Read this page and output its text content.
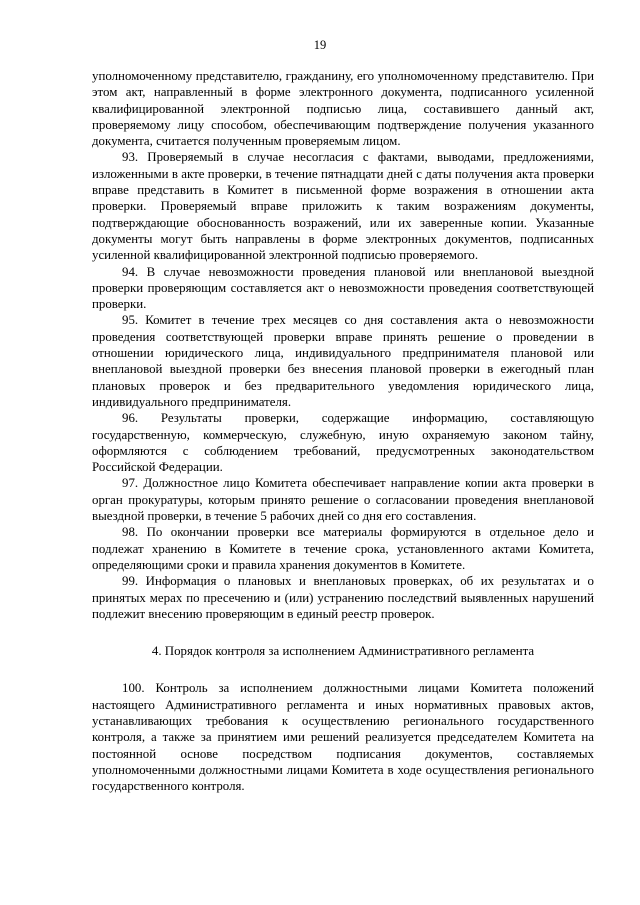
19

уполномоченному представителю, гражданину, его уполномоченному представителю. При этом акт, направленный в форме электронного документа, подписанного усиленной квалифицированной электронной подписью лица, составившего данный акт, проверяемому лицу способом, обеспечивающим подтверждение получения указанного документа, считается полученным проверяемым лицом.

93. Проверяемый в случае несогласия с фактами, выводами, предложениями, изложенными в акте проверки, в течение пятнадцати дней с даты получения акта проверки вправе представить в Комитет в письменной форме возражения в отношении акта проверки. Проверяемый вправе приложить к таким возражениям документы, подтверждающие обоснованность возражений, или их заверенные копии. Указанные документы могут быть направлены в форме электронных документов, подписанных усиленной квалифицированной электронной подписью проверяемого.

94. В случае невозможности проведения плановой или внеплановой выездной проверки проверяющим составляется акт о невозможности проведения соответствующей проверки.

95. Комитет в течение трех месяцев со дня составления акта о невозможности проведения соответствующей проверки вправе принять решение о проведении в отношении юридического лица, индивидуального предпринимателя плановой или внеплановой выездной проверки без внесения плановой проверки в ежегодный план плановых проверок и без предварительного уведомления юридического лица, индивидуального предпринимателя.

96. Результаты проверки, содержащие информацию, составляющую государственную, коммерческую, служебную, иную охраняемую законом тайну, оформляются с соблюдением требований, предусмотренных законодательством Российской Федерации.

97. Должностное лицо Комитета обеспечивает направление копии акта проверки в орган прокуратуры, которым принято решение о согласовании проведения внеплановой выездной проверки, в течение 5 рабочих дней со дня его составления.

98. По окончании проверки все материалы формируются в отдельное дело и подлежат хранению в Комитете в течение срока, установленного актами Комитета, определяющими сроки и правила хранения документов в Комитете.

99. Информация о плановых и внеплановых проверках, об их результатах и о принятых мерах по пресечению и (или) устранению последствий выявленных нарушений подлежит внесению проверяющим в единый реестр проверок.

4. Порядок контроля за исполнением Административного регламента

100. Контроль за исполнением должностными лицами Комитета положений настоящего Административного регламента и иных нормативных правовых актов, устанавливающих требования к осуществлению регионального государственного контроля, а также за принятием ими решений реализуется председателем Комитета на постоянной основе посредством подписания документов, составляемых уполномоченными должностными лицами Комитета в ходе осуществления регионального государственного контроля.
